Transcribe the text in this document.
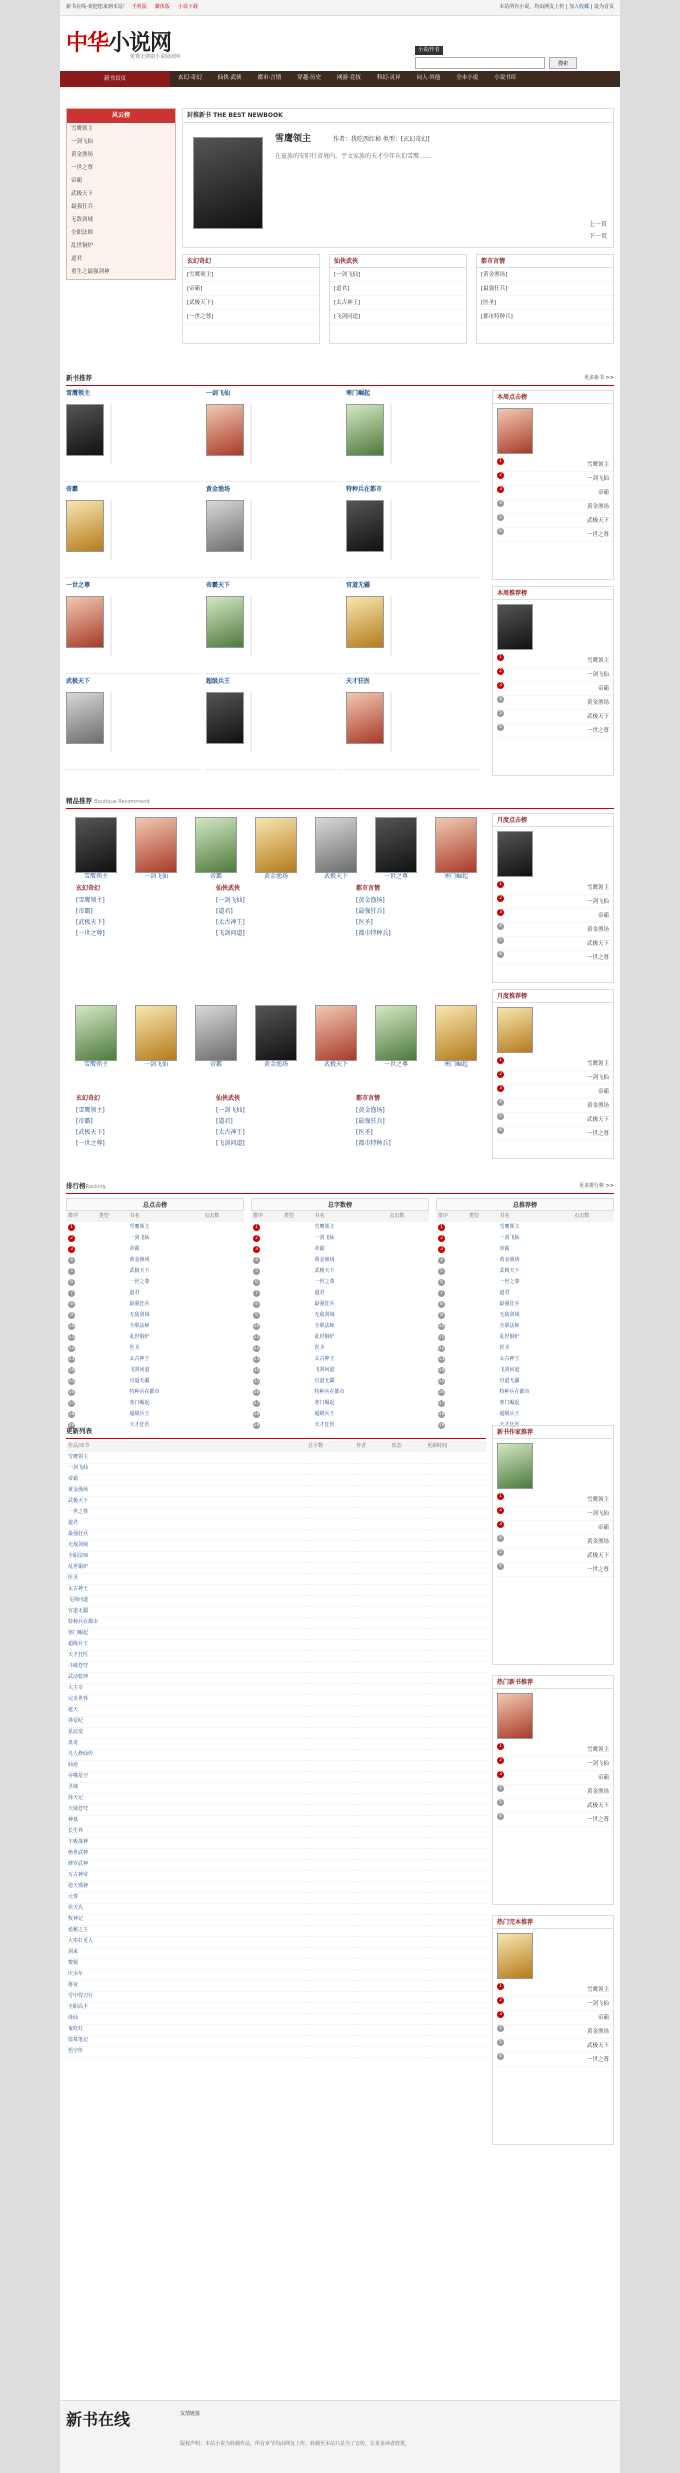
新书在线-欢迎您来到本站！ 手机版 繁体版 小说下载	本站所有小说，均由网友上传 | 加入收藏 | 设为首页
中华小说网
免费无弹窗小说阅读网
小说/作者
搜索
热搜：
新书首页	玄幻·奇幻	仙侠·武侠	都市·言情	穿越·历史	网游·竞技	科幻·灵异	同人·其他	全本小说	小说书库
风云榜
雪鹰领主
一剑飞仙
黄金渔场
一世之尊
帝霸
武极天下
最强狂兵
无敌剑域
全职法师
乱世铜炉
道君
重生之最强剑神
封推新书 THE BEST NEWBOOK
雪鹰领主	作者：我吃西红柿 类型：[玄幻奇幻]
在夏族的安阳行省境内，宇文家族的天才少年东伯雪鹰……
上一页
下一页
玄幻奇幻
[雪鹰领主]
[帝霸]
[武极天下]
[一世之尊]
仙侠武侠
[一剑飞仙]
[道君]
[太古神王]
[飞剑问道]
都市言情
[黄金渔场]
[最强狂兵]
[医圣]
[都市特种兵]
新书推荐	更多新书 >>
雪鹰领主	一剑飞仙	寒门崛起
帝霸	黄金渔场	特种兵在都市
一世之尊	帝霸天下	官道无疆
武极天下	超级兵王	天才狂医
本周点击榜
1
雪鹰领主
2
一剑飞仙
3
帝霸
4
黄金渔场
5
武极天下
6
一世之尊
本周推荐榜
1
雪鹰领主
2
一剑飞仙
3
帝霸
4
黄金渔场
5
武极天下
6
一世之尊
精品推荐 Boutique Recommend
雪鹰领主	一剑飞仙	帝霸	黄金渔场	武极天下	一世之尊	寒门崛起
雪鹰领主	一剑飞仙	帝霸	黄金渔场	武极天下	一世之尊	寒门崛起
月度点击榜
1
雪鹰领主
2
一剑飞仙
3
帝霸
4
黄金渔场
5
武极天下
6
一世之尊
月度推荐榜
1
雪鹰领主
2
一剑飞仙
3
帝霸
4
黄金渔场
5
武极天下
6
一世之尊
玄幻奇幻
[雪鹰领主]
[帝霸]
[武极天下]
[一世之尊]
仙侠武侠
[一剑飞仙]
[道君]
[太古神王]
[飞剑问道]
都市言情
[黄金渔场]
[最强狂兵]
[医圣]
[都市特种兵]
玄幻奇幻
[雪鹰领主]
[帝霸]
[武极天下]
[一世之尊]
仙侠武侠
[一剑飞仙]
[道君]
[太古神王]
[飞剑问道]
都市言情
[黄金渔场]
[最强狂兵]
[医圣]
[都市特种兵]
排行榜Ranking	更多排行榜 >>
总点击榜
排序	类型	书名	点击数
1		雪鹰领主	
2		一剑飞仙	
3		帝霸	
4		黄金渔场	
5		武极天下	
6		一世之尊	
7		道君	
8		最强狂兵	
9		无敌剑域	
10		全职法师	
11		乱世铜炉	
12		医圣	
13		太古神王	
14		飞剑问道	
15		官道无疆	
16		特种兵在都市	
17		寒门崛起	
18		超级兵王	
19		天才狂医	
总字数榜
排序	类型	书名	点击数
1		雪鹰领主	
2		一剑飞仙	
3		帝霸	
4		黄金渔场	
5		武极天下	
6		一世之尊	
7		道君	
8		最强狂兵	
9		无敌剑域	
10		全职法师	
11		乱世铜炉	
12		医圣	
13		太古神王	
14		飞剑问道	
15		官道无疆	
16		特种兵在都市	
17		寒门崛起	
18		超级兵王	
19		天才狂医	
总推荐榜
排序	类型	书名	点击数
1		雪鹰领主	
2		一剑飞仙	
3		帝霸	
4		黄金渔场	
5		武极天下	
6		一世之尊	
7		道君	
8		最强狂兵	
9		无敌剑域	
10		全职法师	
11		乱世铜炉	
12		医圣	
13		太古神王	
14		飞剑问道	
15		官道无疆	
16		特种兵在都市	
17		寒门崛起	
18		超级兵王	
19		天才狂医	
更新列表
作品/章节	总字数	作者	状态	更新时间
雪鹰领主				
一剑飞仙				
帝霸				
黄金渔场				
武极天下				
一世之尊				
道君				
最强狂兵				
无敌剑域				
全职法师				
乱世铜炉				
医圣				
太古神王				
飞剑问道				
官道无疆				
特种兵在都市				
寒门崛起				
超级兵王				
天才狂医				
斗破苍穹				
武动乾坤				
大主宰				
完美世界				
遮天				
莽荒纪				
星辰变				
盘龙				
凡人修仙传				
仙逆				
吞噬星空				
圣墟				
择天记				
天域苍穹				
神墓				
长生界				
不败战神				
绝世武神				
修罗武神				
万古神帝				
逆天邪神				
元尊				
伏天氏				
牧神记				
诡秘之主				
大奉打更人				
剑来				
赘婿				
庆余年				
将夜				
雪中悍刀行				
全职高手				
诛仙				
鬼吹灯				
盗墓笔记				
悟空传				
新书作家推荐
1
雪鹰领主
2
一剑飞仙
3
帝霸
4
黄金渔场
5
武极天下
6
一世之尊
热门新书推荐
1
雪鹰领主
2
一剑飞仙
3
帝霸
4
黄金渔场
5
武极天下
6
一世之尊
热门完本推荐
1
雪鹰领主
2
一剑飞仙
3
帝霸
4
黄金渔场
5
武极天下
6
一世之尊
新书在线	友情链接
版权声明：本站小说为转载作品，所有章节均由网友上传，转载至本站只是为了宣传，让更多读者欣赏。
